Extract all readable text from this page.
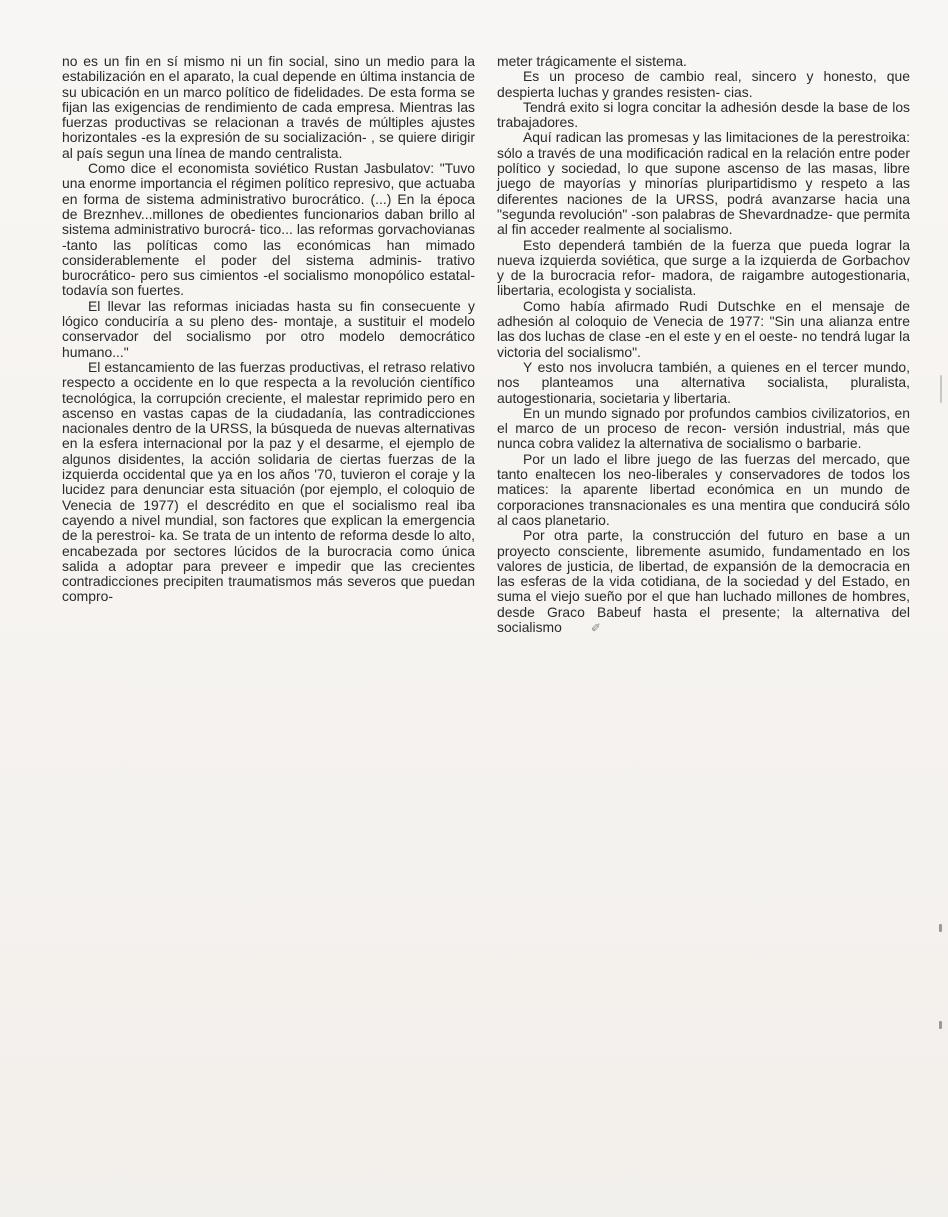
no es un fin en sí mismo ni un fin social, sino un medio para la estabilización en el aparato, la cual depende en última instancia de su ubicación en un marco político de fidelidades. De esta forma se fijan las exigencias de rendimiento de cada empresa. Mientras las fuerzas productivas se relacionan a través de múltiples ajustes horizontales -es la expresión de su socialización- , se quiere dirigir al país segun una línea de mando centralista.

Como dice el economista soviético Rustan Jasbulatov: "Tuvo una enorme importancia el régimen político represivo, que actuaba en forma de sistema administrativo burocrático. (...) En la época de Breznhev...millones de obedientes funcionarios daban brillo al sistema administrativo burocrá- tico... las reformas gorvachovianas -tanto las políticas como las económicas han mimado considerablemente el poder del sistema adminis- trativo burocrático- pero sus cimientos -el socialismo monopólico estatal- todavía son fuertes.

El llevar las reformas iniciadas hasta su fin consecuente y lógico conduciría a su pleno des- montaje, a sustituir el modelo conservador del socialismo por otro modelo democrático humano..."

El estancamiento de las fuerzas productivas, el retraso relativo respecto a occidente en lo que respecta a la revolución científico tecnológica, la corrupción creciente, el malestar reprimido pero en ascenso en vastas capas de la ciudadanía, las contradicciones nacionales dentro de la URSS, la búsqueda de nuevas alternativas en la esfera internacional por la paz y el desarme, el ejemplo de algunos disidentes, la acción solidaria de ciertas fuerzas de la izquierda occidental que ya en los años '70, tuvieron el coraje y la lucidez para denunciar esta situación (por ejemplo, el coloquio de Venecia de 1977) el descrédito en que el socialismo real iba cayendo a nivel mundial, son factores que explican la emergencia de la perestroi- ka. Se trata de un intento de reforma desde lo alto, encabezada por sectores lúcidos de la burocracia como única salida a adoptar para preveer e impedir que las crecientes contradicciones precipiten traumatismos más severos que puedan compro-

meter trágicamente el sistema.

Es un proceso de cambio real, sincero y honesto, que despierta luchas y grandes resisten- cias.

Tendrá exito si logra concitar la adhesión desde la base de los trabajadores.

Aquí radican las promesas y las limitaciones de la perestroika: sólo a través de una modificación radical en la relación entre poder político y sociedad, lo que supone ascenso de las masas, libre juego de mayorías y minorías pluripartidismo y respeto a las diferentes naciones de la URSS, podrá avanzarse hacia una "segunda revolución" -son palabras de Shevardnadze- que permita al fin acceder realmente al socialismo.

Esto dependerá también de la fuerza que pueda lograr la nueva izquierda soviética, que surge a la izquierda de Gorbachov y de la burocracia refor- madora, de raigambre autogestionaria, libertaria, ecologista y socialista.

Como había afirmado Rudi Dutschke en el mensaje de adhesión al coloquio de Venecia de 1977: "Sin una alianza entre las dos luchas de clase -en el este y en el oeste- no tendrá lugar la victoria del socialismo".

Y esto nos involucra también, a quienes en el tercer mundo, nos planteamos una alternativa socialista, pluralista, autogestionaria, societaria y libertaria.

En un mundo signado por profundos cambios civilizatorios, en el marco de un proceso de recon- versión industrial, más que nunca cobra validez la alternativa de socialismo o barbarie.

Por un lado el libre juego de las fuerzas del mercado, que tanto enaltecen los neo-liberales y conservadores de todos los matices: la aparente libertad económica en un mundo de corporaciones transnacionales es una mentira que conducirá sólo al caos planetario.

Por otra parte, la construcción del futuro en base a un proyecto consciente, libremente asumido, fundamentado en los valores de justicia, de libertad, de expansión de la democracia en las esferas de la vida cotidiana, de la sociedad y del Estado, en suma el viejo sueño por el que han luchado millones de hombres, desde Graco Babeuf hasta el presente; la alternativa del socialismo ✐
